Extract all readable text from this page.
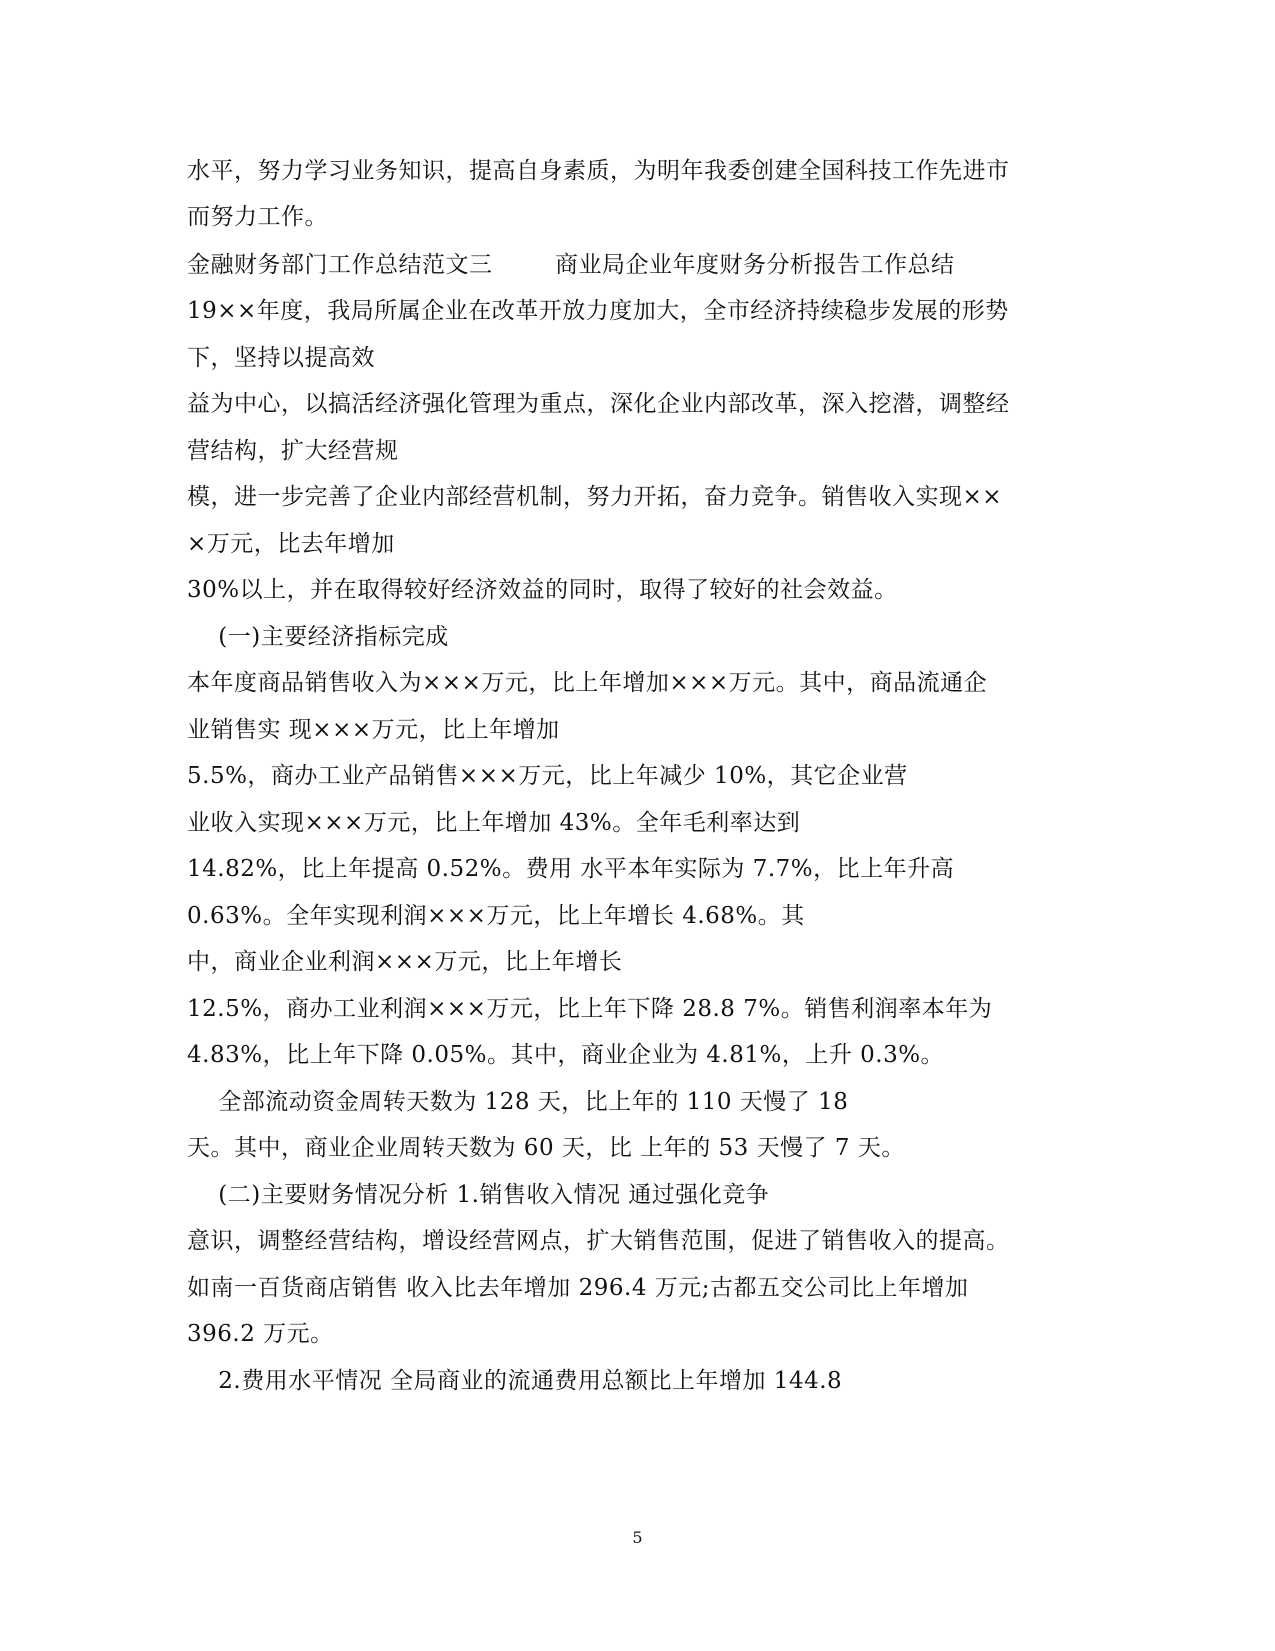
水平，努力学习业务知识，提高自身素质，为明年我委创建全国科技工作先进市
而努力工作。
金融财务部门工作总结范文三        商业局企业年度财务分析报告工作总结
19××年度，我局所属企业在改革开放力度加大，全市经济持续稳步发展的形势
下，坚持以提高效
益为中心，以搞活经济强化管理为重点，深化企业内部改革，深入挖潜，调整经
营结构，扩大经营规
模，进一步完善了企业内部经营机制，努力开拓，奋力竞争。销售收入实现××
×万元，比去年增加
30%以上，并在取得较好经济效益的同时，取得了较好的社会效益。
(一)主要经济指标完成
本年度商品销售收入为×××万元，比上年增加×××万元。其中，商品流通企
业销售实 现×××万元，比上年增加
5.5%，商办工业产品销售×××万元，比上年减少 10%，其它企业营
业收入实现×××万元，比上年增加 43%。全年毛利率达到
14.82%，比上年提高 0.52%。费用 水平本年实际为 7.7%，比上年升高
0.63%。全年实现利润×××万元，比上年增长 4.68%。其
中，商业企业利润×××万元，比上年增长
12.5%，商办工业利润×××万元，比上年下降 28.8 7%。销售利润率本年为
4.83%，比上年下降 0.05%。其中，商业企业为 4.81%，上升 0.3%。
全部流动资金周转天数为 128 天，比上年的 110 天慢了 18
天。其中，商业企业周转天数为 60 天，比 上年的 53 天慢了 7 天。
(二)主要财务情况分析 1.销售收入情况 通过强化竞争
意识，调整经营结构，增设经营网点，扩大销售范围，促进了销售收入的提高。
如南一百货商店销售 收入比去年增加 296.4 万元;古都五交公司比上年增加
396.2 万元。
2.费用水平情况 全局商业的流通费用总额比上年增加 144.8
5
